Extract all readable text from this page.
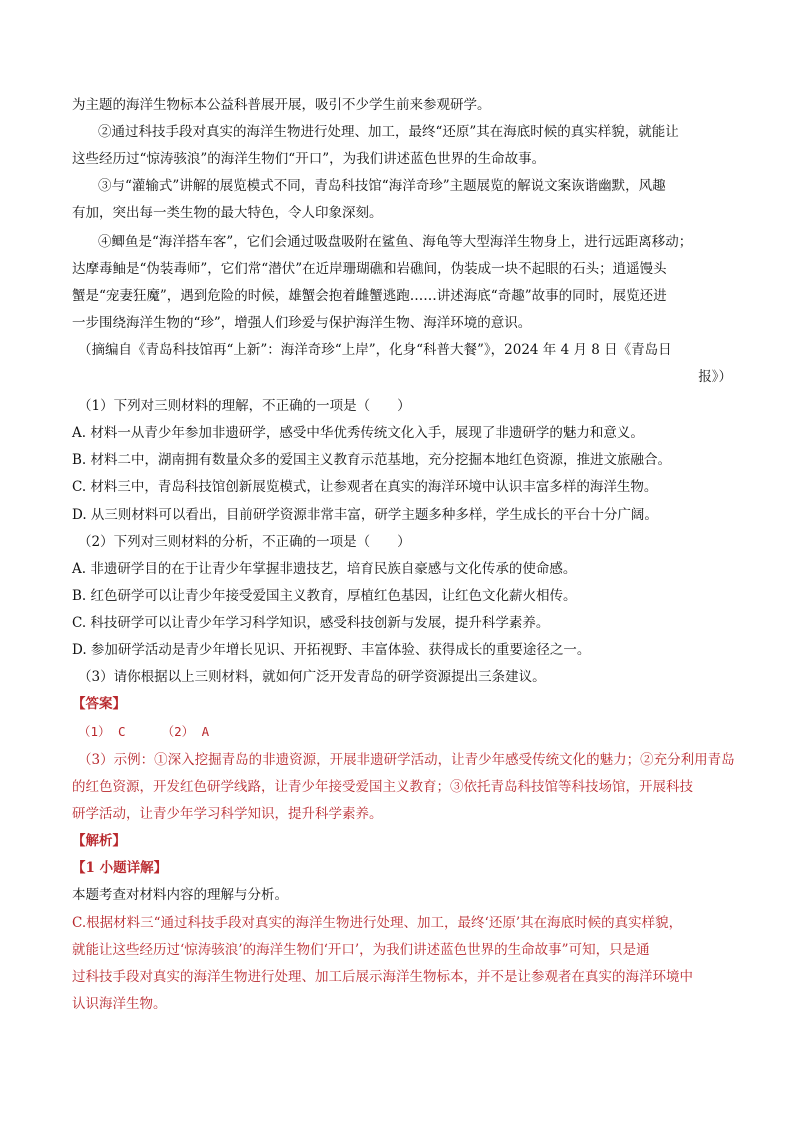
为主题的海洋生物标本公益科普展开展，吸引不少学生前来参观研学。
②通过科技手段对真实的海洋生物进行处理、加工，最终“还原”其在海底时候的真实样貌，就能让
这些经历过“惊涛骇浪”的海洋生物们“开口”，为我们讲述蓝色世界的生命故事。
③与“灌输式”讲解的展览模式不同，青岛科技馆“海洋奇珍”主题展览的解说文案诙谐幽默，风趣
有加，突出每一类生物的最大特色，令人印象深刻。
④鲫鱼是“海洋搭车客”，它们会通过吸盘吸附在鲨鱼、海龟等大型海洋生物身上，进行远距离移动；
达摩毒鲉是“伪装毒师”，它们常“潜伏”在近岸珊瑚礁和岩礁间，伪装成一块不起眼的石头；逍遥馒头
蟹是“宠妻狂魔”，遇到危险的时候，雄蟹会抱着雌蟹逃跑……讲述海底“奇趣”故事的同时，展览还进
一步围绕海洋生物的“珍”，增强人们珍爱与保护海洋生物、海洋环境的意识。
（摘编自《青岛科技馆再“上新”：海洋奇珍“上岸”，化身“科普大餐”》，2024 年 4 月 8 日《青岛日
报》）
（1）下列对三则材料的理解，不正确的一项是（　　）
A. 材料一从青少年参加非遗研学，感受中华优秀传统文化入手，展现了非遗研学的魅力和意义。
B. 材料二中，湖南拥有数量众多的爱国主义教育示范基地，充分挖掘本地红色资源，推进文旅融合。
C. 材料三中，青岛科技馆创新展览模式，让参观者在真实的海洋环境中认识丰富多样的海洋生物。
D. 从三则材料可以看出，目前研学资源非常丰富，研学主题多种多样，学生成长的平台十分广阔。
（2）下列对三则材料的分析，不正确的一项是（　　）
A. 非遗研学目的在于让青少年掌握非遗技艺，培育民族自豪感与文化传承的使命感。
B. 红色研学可以让青少年接受爱国主义教育，厚植红色基因，让红色文化薪火相传。
C. 科技研学可以让青少年学习科学知识，感受科技创新与发展，提升科学素养。
D. 参加研学活动是青少年增长见识、开拓视野、丰富体验、获得成长的重要途径之一。
（3）请你根据以上三则材料，就如何广泛开发青岛的研学资源提出三条建议。
【答案】
（1） C	（2） A
（3）示例：①深入挖掘青岛的非遗资源，开展非遗研学活动，让青少年感受传统文化的魅力；②充分利用青岛
的红色资源，开发红色研学线路，让青少年接受爱国主义教育；③依托青岛科技馆等科技场馆，开展科技
研学活动，让青少年学习科学知识，提升科学素养。
【解析】
【1 小题详解】
本题考查对材料内容的理解与分析。
C.根据材料三“通过科技手段对真实的海洋生物进行处理、加工，最终‘还原’其在海底时候的真实样貌，
就能让这些经历过‘惊涛骇浪’的海洋生物们‘开口’，为我们讲述蓝色世界的生命故事”可知，只是通
过科技手段对真实的海洋生物进行处理、加工后展示海洋生物标本，并不是让参观者在真实的海洋环境中
认识海洋生物。
